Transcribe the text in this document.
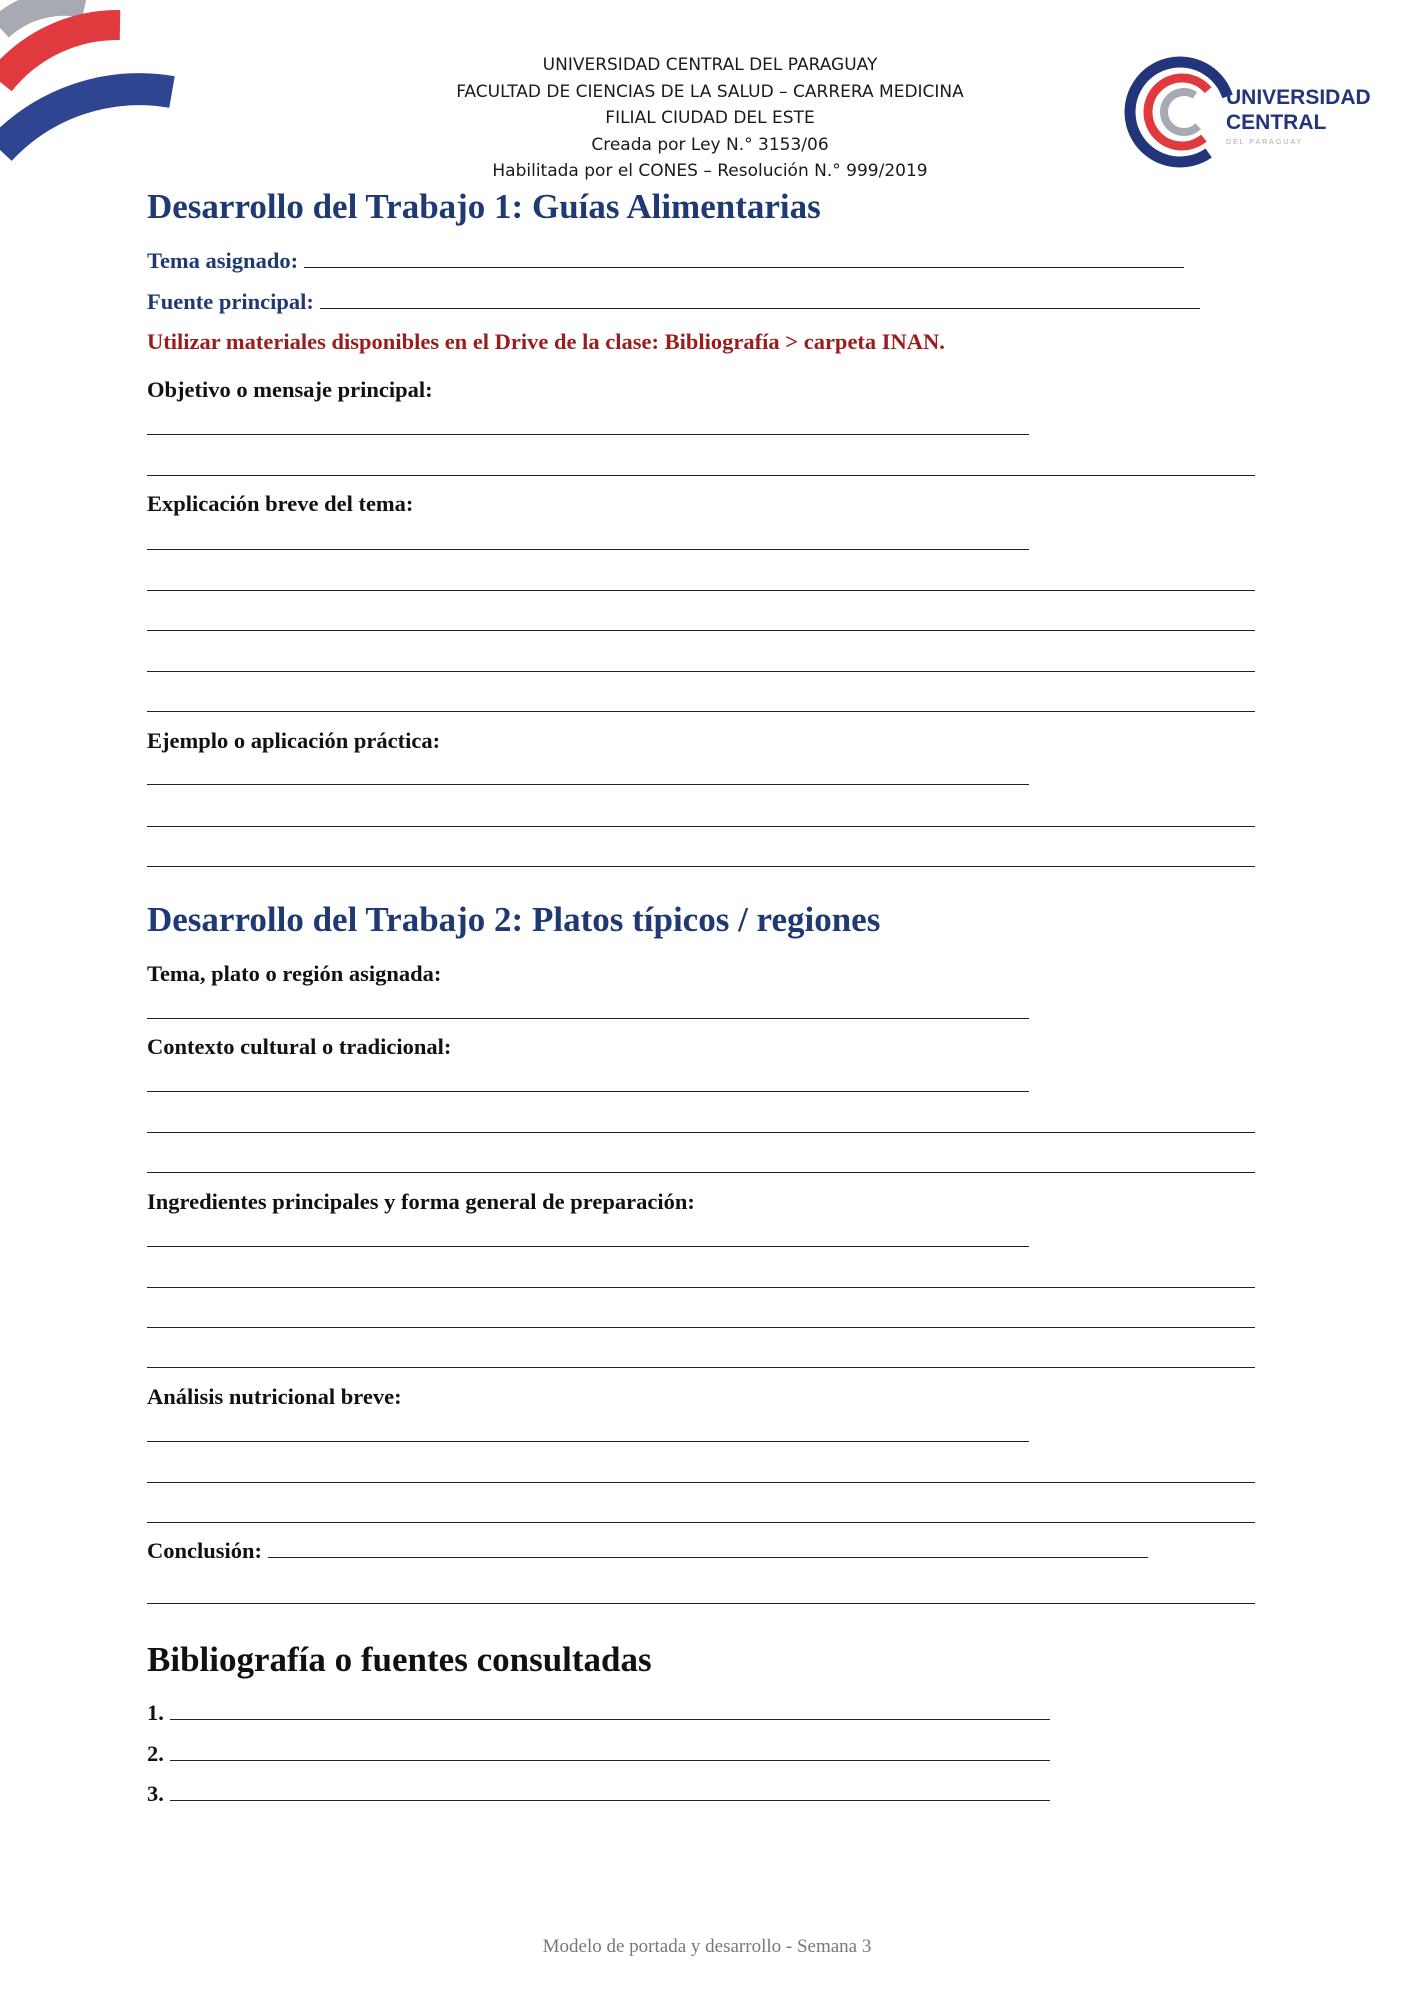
UNIVERSIDAD CENTRAL DEL PARAGUAY
FACULTAD DE CIENCIAS DE LA SALUD – CARRERA MEDICINA
FILIAL CIUDAD DEL ESTE
Creada por Ley N.° 3153/06
Habilitada por el CONES – Resolución N.° 999/2019
UNIVERSIDAD
CENTRAL
DEL PARAGUAY
Desarrollo del Trabajo 1: Guías Alimentarias
Tema asignado:
Fuente principal:
Utilizar materiales disponibles en el Drive de la clase: Bibliografía > carpeta INAN.
Objetivo o mensaje principal:
Explicación breve del tema:
Ejemplo o aplicación práctica:
Desarrollo del Trabajo 2: Platos típicos / regiones
Tema, plato o región asignada:
Contexto cultural o tradicional:
Ingredientes principales y forma general de preparación:
Análisis nutricional breve:
Conclusión:
Bibliografía o fuentes consultadas
1.
2.
3.
Modelo de portada y desarrollo - Semana 3
